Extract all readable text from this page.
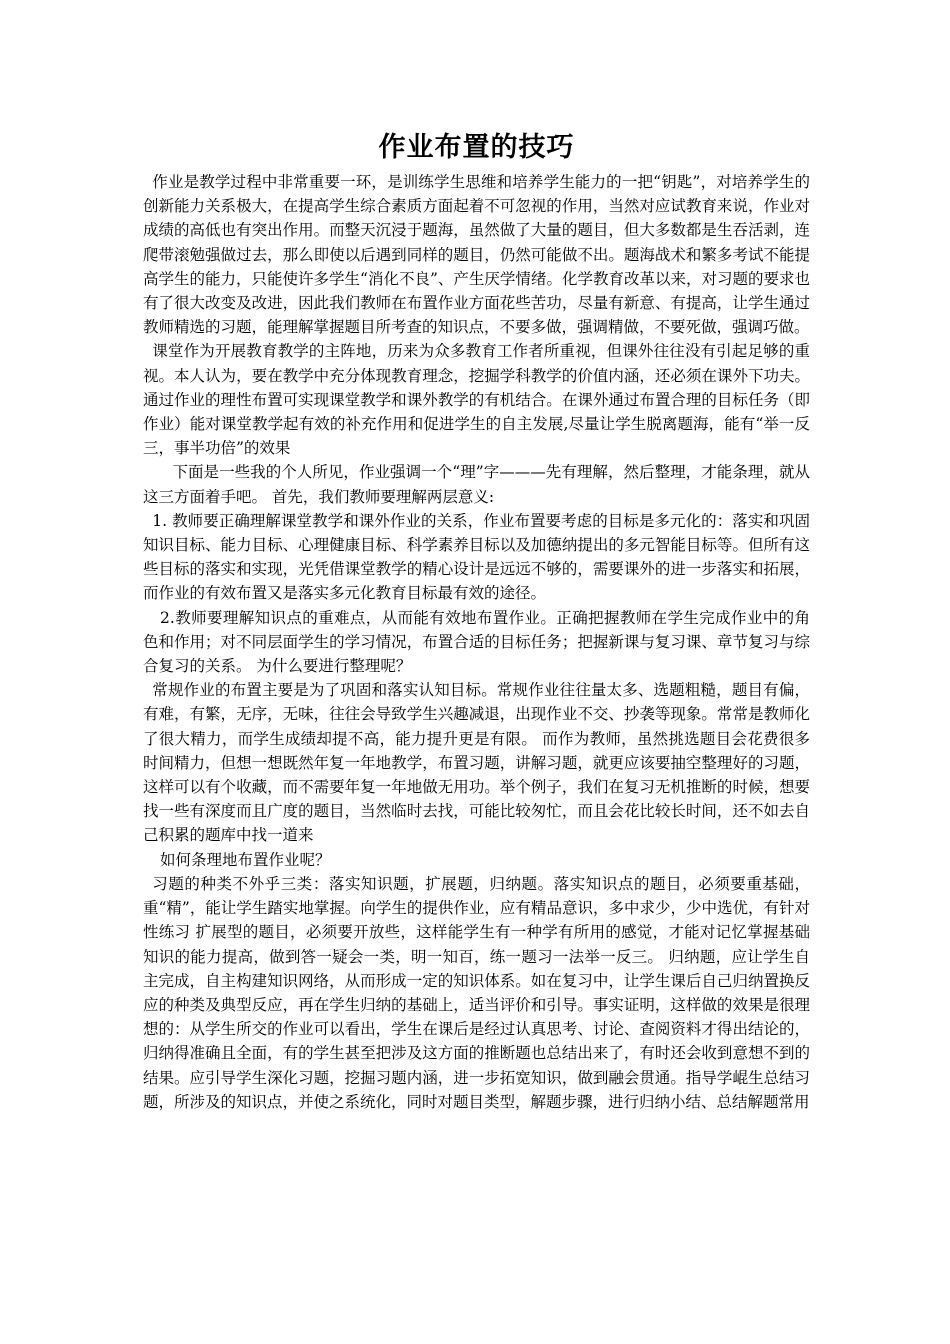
作业布置的技巧

作业是教学过程中非常重要一环，是训练学生思维和培养学生能力的一把“钥匙”，对培养学生的创新能力关系极大，在提高学生综合素质方面起着不可忽视的作用，当然对应试教育来说，作业对成绩的高低也有突出作用。而整天沉浸于题海，虽然做了大量的题目，但大多数都是生吞活剥，连爬带滚勉强做过去，那么即使以后遇到同样的题目，仍然可能做不出。题海战术和繁多考试不能提高学生的能力，只能使许多学生“消化不良”、产生厌学情绪。化学教育改革以来，对习题的要求也有了很大改变及改进，因此我们教师在布置作业方面花些苦功，尽量有新意、有提高，让学生通过教师精选的习题，能理解掌握题目所考查的知识点，不要多做，强调精做，不要死做，强调巧做。

课堂作为开展教育教学的主阵地，历来为众多教育工作者所重视，但课外往往没有引起足够的重视。本人认为，要在教学中充分体现教育理念，挖掘学科教学的价值内涵，还必须在课外下功夫。通过作业的理性布置可实现课堂教学和课外教学的有机结合。在课外通过布置合理的目标任务（即作业）能对课堂教学起有效的补充作用和促进学生的自主发展,尽量让学生脱离题海，能有“举一反三，事半功倍”的效果

下面是一些我的个人所见，作业强调一个“理”字———先有理解，然后整理，才能条理，就从这三方面着手吧。 首先，我们教师要理解两层意义:

1. 教师要正确理解课堂教学和课外作业的关系，作业布置要考虑的目标是多元化的：落实和巩固知识目标、能力目标、心理健康目标、科学素养目标以及加德纳提出的多元智能目标等。但所有这些目标的落实和实现，光凭借课堂教学的精心设计是远远不够的，需要课外的进一步落实和拓展，而作业的有效布置又是落实多元化教育目标最有效的途径。

2.教师要理解知识点的重难点，从而能有效地布置作业。正确把握教师在学生完成作业中的角色和作用；对不同层面学生的学习情况，布置合适的目标任务；把握新课与复习课、章节复习与综合复习的关系。 为什么要进行整理呢？

常规作业的布置主要是为了巩固和落实认知目标。常规作业往往量太多、选题粗糙，题目有偏，有难，有繁，无序，无味，往往会导致学生兴趣减退，出现作业不交、抄袭等现象。常常是教师化了很大精力，而学生成绩却提不高，能力提升更是有限。 而作为教师，虽然挑选题目会花费很多时间精力，但想一想既然年复一年地教学，布置习题，讲解习题，就更应该要抽空整理好的习题，这样可以有个收藏，而不需要年复一年地做无用功。举个例子，我们在复习无机推断的时候，想要找一些有深度而且广度的题目，当然临时去找，可能比较匆忙，而且会花比较长时间，还不如去自己积累的题库中找一道来

如何条理地布置作业呢？

习题的种类不外乎三类：落实知识题，扩展题，归纳题。落实知识点的题目，必须要重基础，重“精”，能让学生踏实地掌握。向学生的提供作业，应有精品意识，多中求少，少中选优，有针对性练习 扩展型的题目，必须要开放些，这样能学生有一种学有所用的感觉，才能对记忆掌握基础知识的能力提高，做到答一疑会一类，明一知百，练一题习一法举一反三。 归纳题，应让学生自主完成，自主构建知识网络，从而形成一定的知识体系。如在复习中，让学生课后自己归纳置换反应的种类及典型反应，再在学生归纳的基础上，适当评价和引导。事实证明，这样做的效果是很理想的：从学生所交的作业可以看出，学生在课后是经过认真思考、讨论、查阅资料才得出结论的，归纳得准确且全面，有的学生甚至把涉及这方面的推断题也总结出来了，有时还会收到意想不到的结果。应引导学生深化习题，挖掘习题内涵，进一步拓宽知识，做到融会贯通。指导学崐生总结习题，所涉及的知识点，并使之系统化，同时对题目类型，解题步骤，进行归纳小结、总结解题常用
